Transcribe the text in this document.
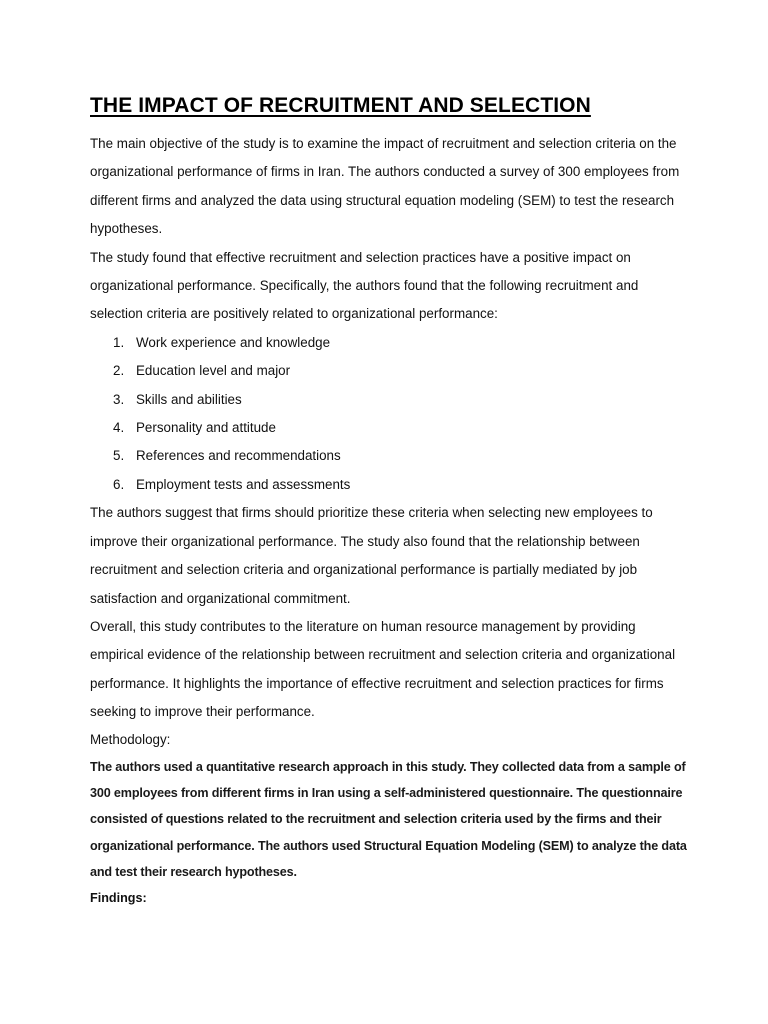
THE IMPACT OF RECRUITMENT AND SELECTION

The main objective of the study is to examine the impact of recruitment and selection criteria on the organizational performance of firms in Iran. The authors conducted a survey of 300 employees from different firms and analyzed the data using structural equation modeling (SEM) to test the research hypotheses.

The study found that effective recruitment and selection practices have a positive impact on organizational performance. Specifically, the authors found that the following recruitment and selection criteria are positively related to organizational performance:

1. Work experience and knowledge
2. Education level and major
3. Skills and abilities
4. Personality and attitude
5. References and recommendations
6. Employment tests and assessments

The authors suggest that firms should prioritize these criteria when selecting new employees to improve their organizational performance. The study also found that the relationship between recruitment and selection criteria and organizational performance is partially mediated by job satisfaction and organizational commitment.

Overall, this study contributes to the literature on human resource management by providing empirical evidence of the relationship between recruitment and selection criteria and organizational performance. It highlights the importance of effective recruitment and selection practices for firms seeking to improve their performance.

Methodology:

The authors used a quantitative research approach in this study. They collected data from a sample of 300 employees from different firms in Iran using a self-administered questionnaire. The questionnaire consisted of questions related to the recruitment and selection criteria used by the firms and their organizational performance. The authors used Structural Equation Modeling (SEM) to analyze the data and test their research hypotheses.

Findings:
